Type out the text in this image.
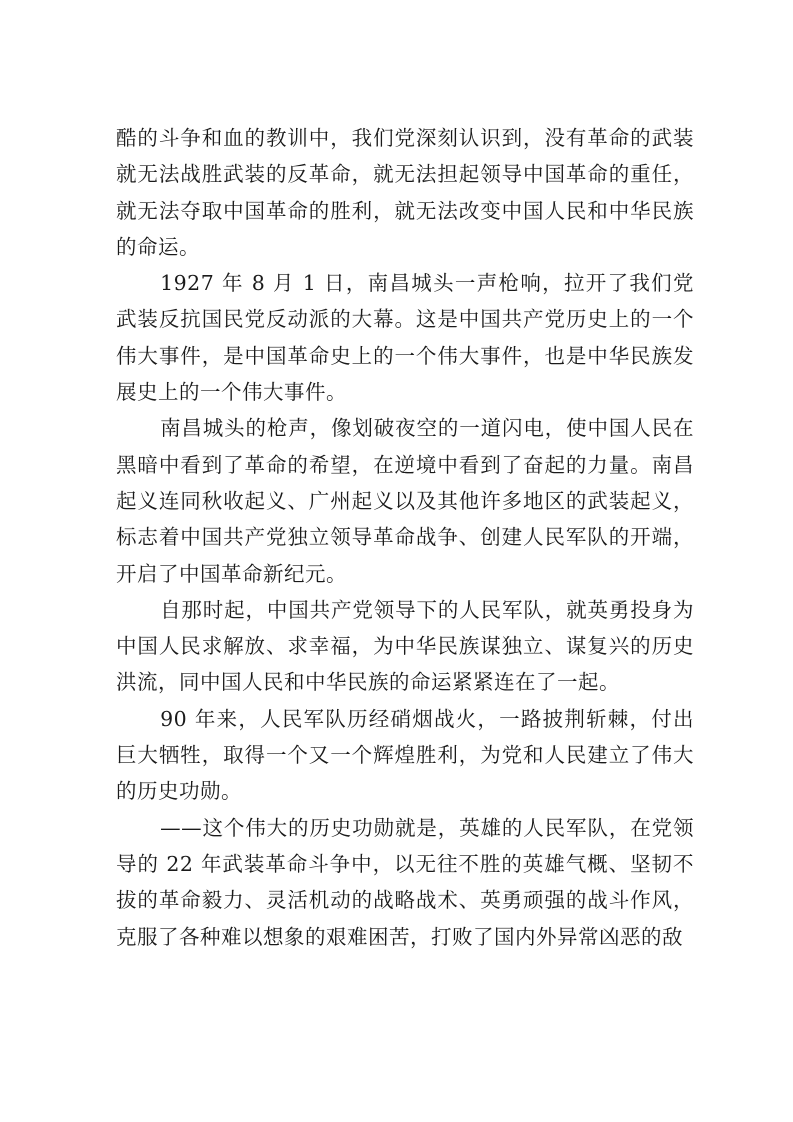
酷的斗争和血的教训中，我们党深刻认识到，没有革命的武装就无法战胜武装的反革命，就无法担起领导中国革命的重任，就无法夺取中国革命的胜利，就无法改变中国人民和中华民族的命运。

1927 年 8 月 1 日，南昌城头一声枪响，拉开了我们党武装反抗国民党反动派的大幕。这是中国共产党历史上的一个伟大事件，是中国革命史上的一个伟大事件，也是中华民族发展史上的一个伟大事件。

南昌城头的枪声，像划破夜空的一道闪电，使中国人民在黑暗中看到了革命的希望，在逆境中看到了奋起的力量。南昌起义连同秋收起义、广州起义以及其他许多地区的武装起义，标志着中国共产党独立领导革命战争、创建人民军队的开端，开启了中国革命新纪元。

自那时起，中国共产党领导下的人民军队，就英勇投身为中国人民求解放、求幸福，为中华民族谋独立、谋复兴的历史洪流，同中国人民和中华民族的命运紧紧连在了一起。

90 年来，人民军队历经硝烟战火，一路披荆斩棘，付出巨大牺牲，取得一个又一个辉煌胜利，为党和人民建立了伟大的历史功勋。

——这个伟大的历史功勋就是，英雄的人民军队，在党领导的 22 年武装革命斗争中，以无往不胜的英雄气概、坚韧不拔的革命毅力、灵活机动的战略战术、英勇顽强的战斗作风，克服了各种难以想象的艰难困苦，打败了国内外异常凶恶的敌
